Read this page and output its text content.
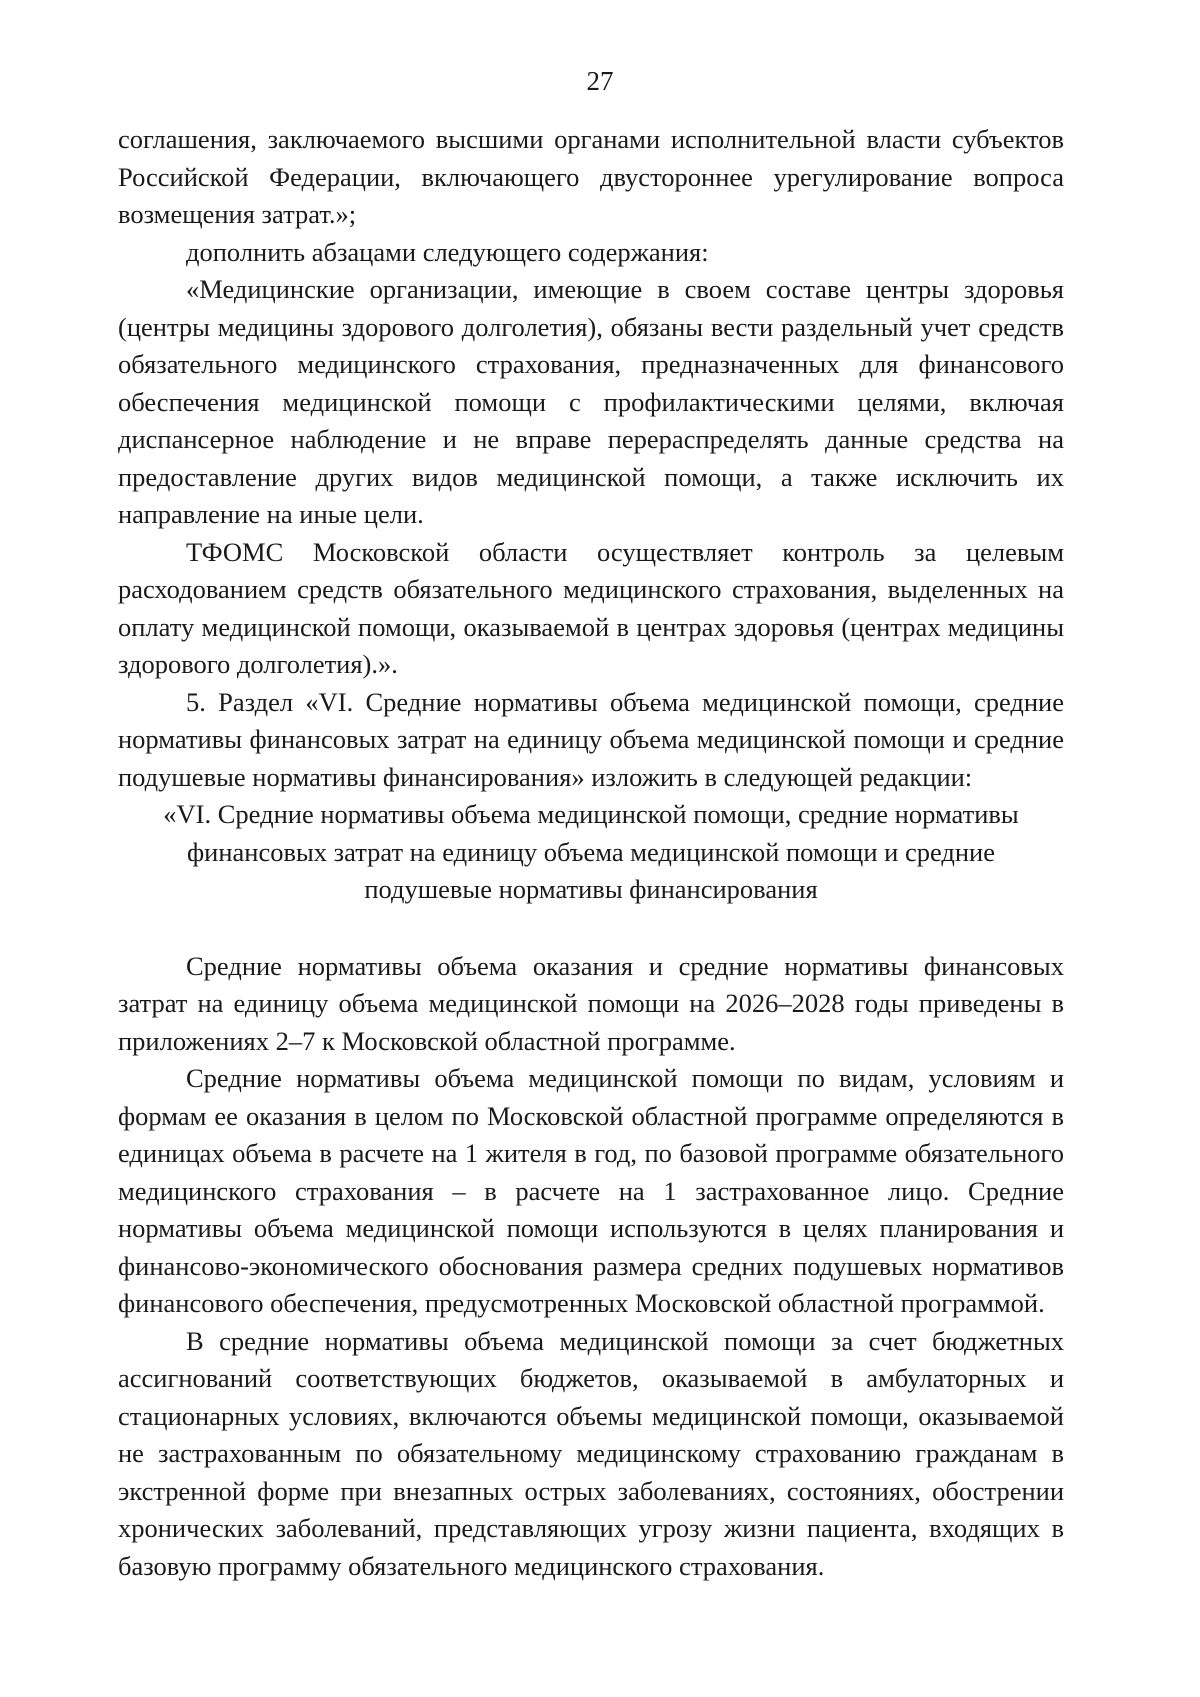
27

соглашения, заключаемого высшими органами исполнительной власти субъектов Российской Федерации, включающего двустороннее урегулирование вопроса возмещения затрат.»;

дополнить абзацами следующего содержания:

«Медицинские организации, имеющие в своем составе центры здоровья (центры медицины здорового долголетия), обязаны вести раздельный учет средств обязательного медицинского страхования, предназначенных для финансового обеспечения медицинской помощи с профилактическими целями, включая диспансерное наблюдение и не вправе перераспределять данные средства на предоставление других видов медицинской помощи, а также исключить их направление на иные цели.

ТФОМС Московской области осуществляет контроль за целевым расходованием средств обязательного медицинского страхования, выделенных на оплату медицинской помощи, оказываемой в центрах здоровья (центрах медицины здорового долголетия).».

5. Раздел «VI. Средние нормативы объема медицинской помощи, средние нормативы финансовых затрат на единицу объема медицинской помощи и средние подушевые нормативы финансирования» изложить в следующей редакции:

«VI. Средние нормативы объема медицинской помощи, средние нормативы финансовых затрат на единицу объема медицинской помощи и средние подушевые нормативы финансирования

Средние нормативы объема оказания и средние нормативы финансовых затрат на единицу объема медицинской помощи на 2026–2028 годы приведены в приложениях 2–7 к Московской областной программе.

Средние нормативы объема медицинской помощи по видам, условиям и формам ее оказания в целом по Московской областной программе определяются в единицах объема в расчете на 1 жителя в год, по базовой программе обязательного медицинского страхования – в расчете на 1 застрахованное лицо. Средние нормативы объема медицинской помощи используются в целях планирования и финансово-экономического обоснования размера средних подушевых нормативов финансового обеспечения, предусмотренных Московской областной программой.

В средние нормативы объема медицинской помощи за счет бюджетных ассигнований соответствующих бюджетов, оказываемой в амбулаторных и стационарных условиях, включаются объемы медицинской помощи, оказываемой не застрахованным по обязательному медицинскому страхованию гражданам в экстренной форме при внезапных острых заболеваниях, состояниях, обострении хронических заболеваний, представляющих угрозу жизни пациента, входящих в базовую программу обязательного медицинского страхования.
